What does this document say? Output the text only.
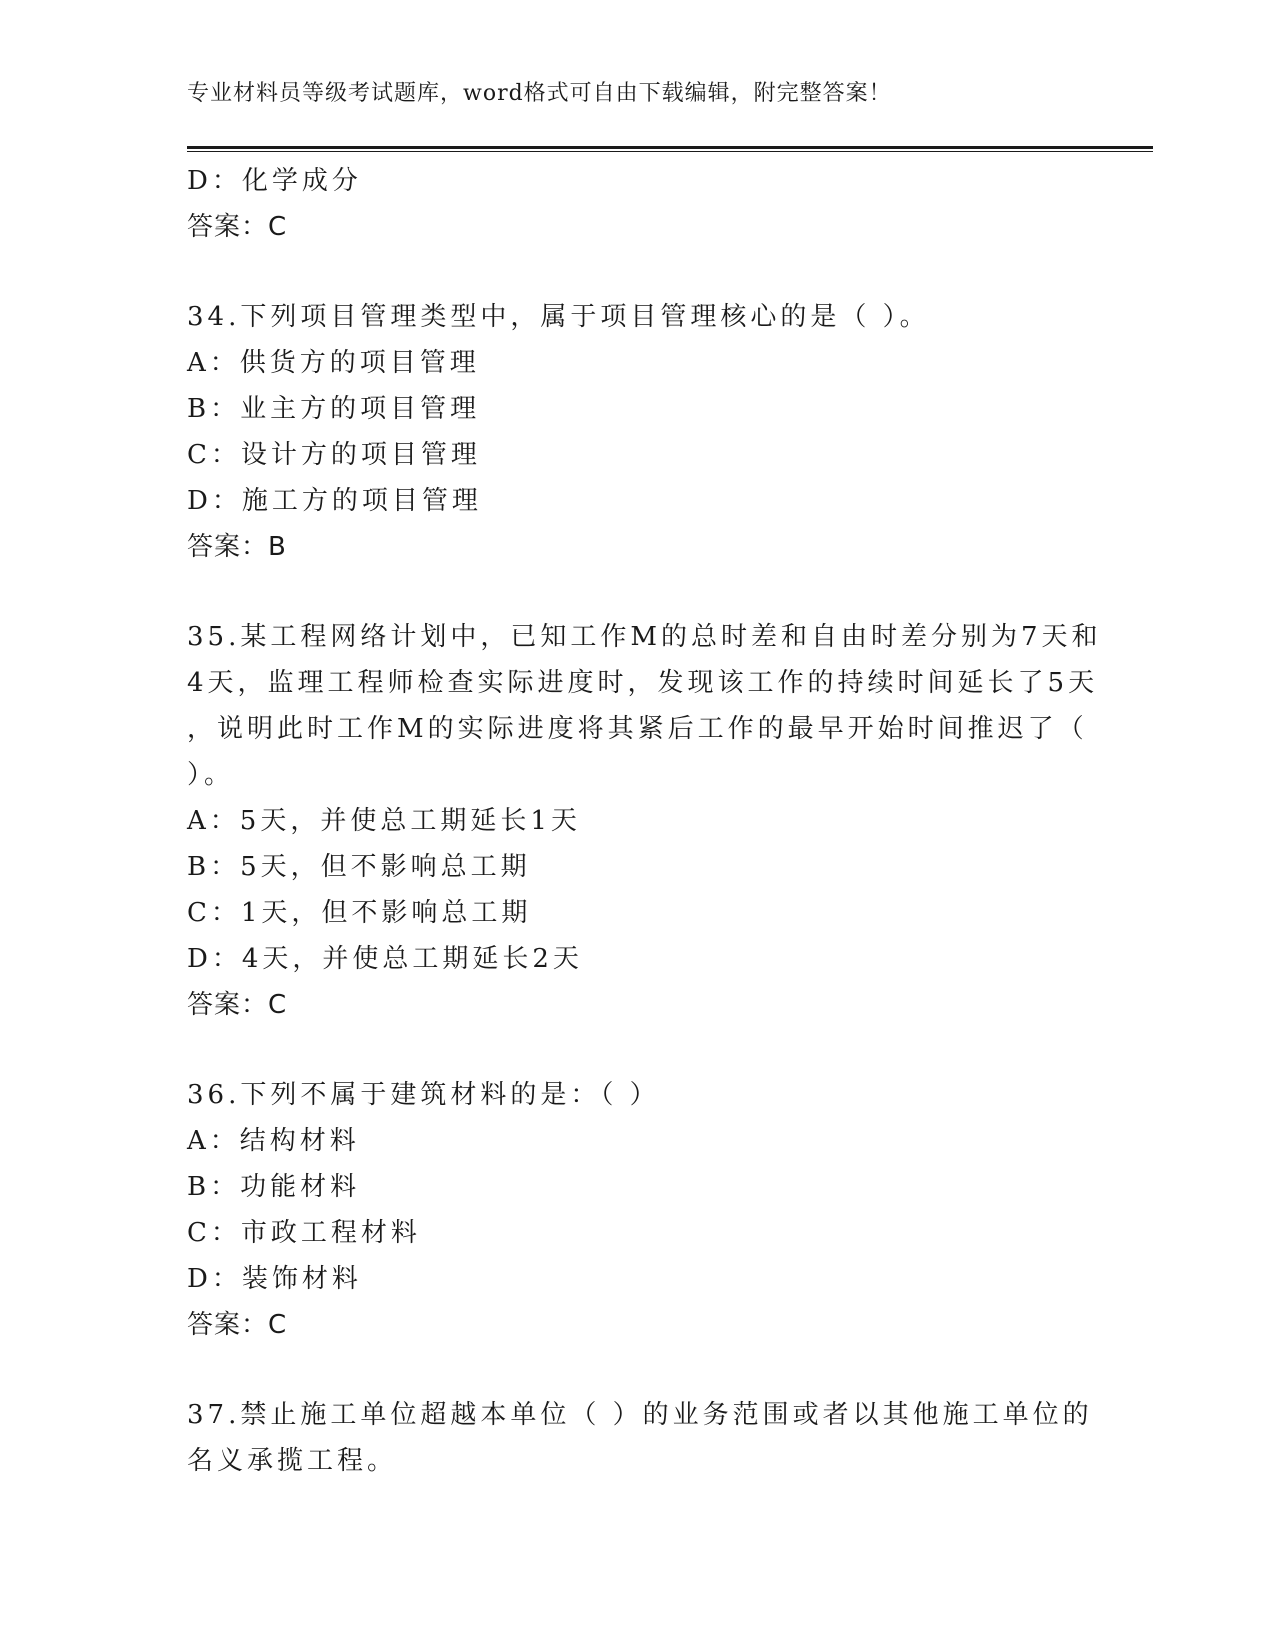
专业材料员等级考试题库，word格式可自由下载编辑，附完整答案！
D：化学成分
答案：C
34.下列项目管理类型中，属于项目管理核心的是（ ）。
A：供货方的项目管理
B：业主方的项目管理
C：设计方的项目管理
D：施工方的项目管理
答案：B
35.某工程网络计划中，已知工作M的总时差和自由时差分别为7天和
4天，监理工程师检查实际进度时，发现该工作的持续时间延长了5天
，说明此时工作M的实际进度将其紧后工作的最早开始时间推迟了（
）。
A：5天，并使总工期延长1天
B：5天，但不影响总工期
C：1天，但不影响总工期
D：4天，并使总工期延长2天
答案：C
36.下列不属于建筑材料的是：（ ）
A：结构材料
B：功能材料
C：市政工程材料
D：装饰材料
答案：C
37.禁止施工单位超越本单位（ ）的业务范围或者以其他施工单位的
名义承揽工程。
